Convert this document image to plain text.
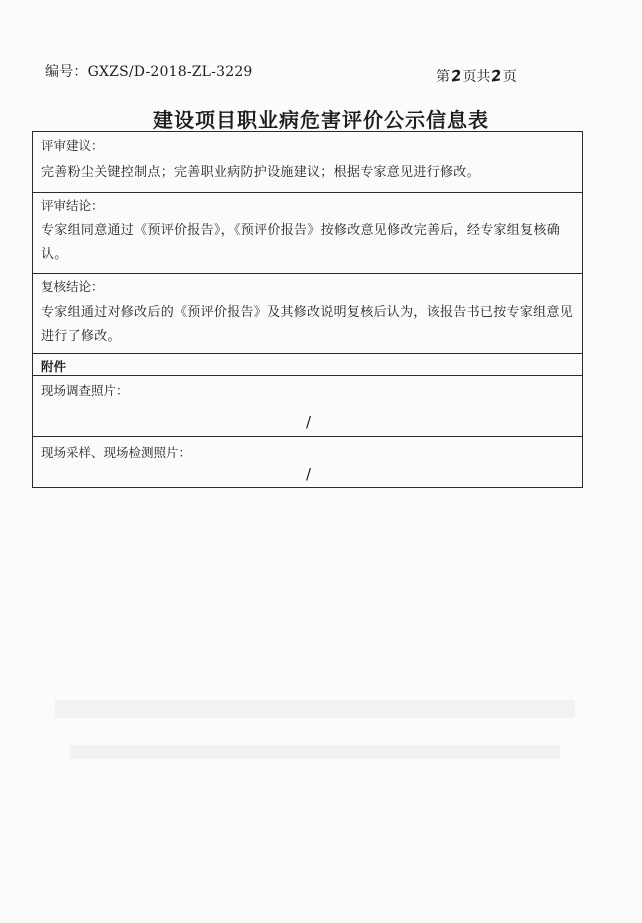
编号：GXZS/D-2018-ZL-3229	第2页共2页
建设项目职业病危害评价公示信息表
评审建议：
完善粉尘关键控制点；完善职业病防护设施建议；根据专家意见进行修改。
评审结论：
专家组同意通过《预评价报告》，《预评价报告》按修改意见修改完善后，经专家组复核确认。
复核结论：
专家组通过对修改后的《预评价报告》及其修改说明复核后认为，该报告书已按专家组意见进行了修改。
附件
现场调查照片：
/
现场采样、现场检测照片：
/
